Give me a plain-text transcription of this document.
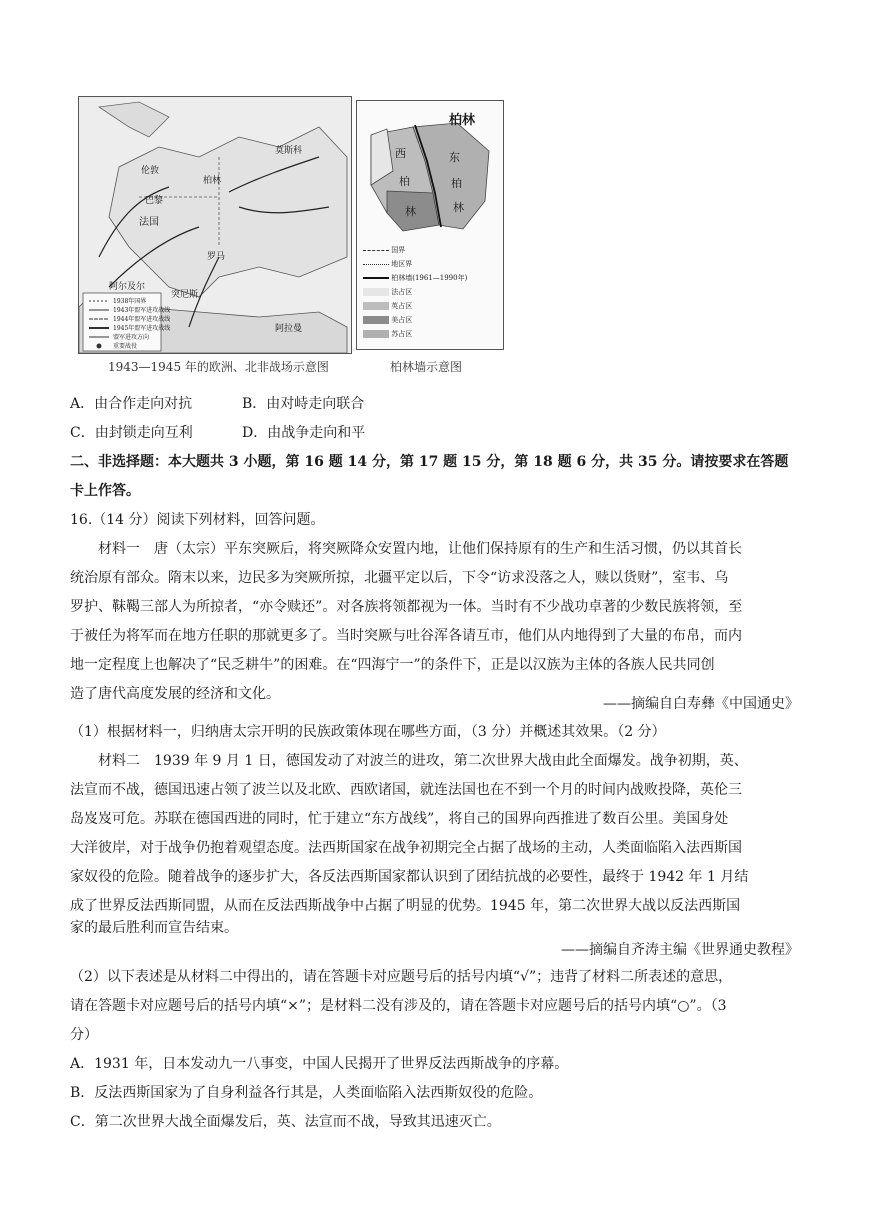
莫斯科
伦敦
柏林
巴黎
法国
罗马
阿尔及尔
突尼斯
阿拉曼
1938年国界
1943年盟军进攻战线
1944年盟军进攻战线
1945年盟军进攻战线
盟军进攻方向
重要战役
柏林
西
柏
林
东
柏
林
国界
地区界
柏林墙(1961—1990年)
法占区
英占区
美占区
苏占区
1943—1945 年的欧洲、北非战场示意图	柏林墙示意图
A．由合作走向对抗	B．由对峙走向联合
C．由封锁走向互利	D．由战争走向和平
二、非选择题：本大题共 3 小题，第 16 题 14 分，第 17 题 15 分，第 18 题 6 分，共 35 分。请按要求在答题
卡上作答。
16.（14 分）阅读下列材料，回答问题。
材料一　唐（太宗）平东突厥后，将突厥降众安置内地，让他们保持原有的生产和生活习惯，仍以其首长
统治原有部众。隋末以来，边民多为突厥所掠，北疆平定以后，下令“访求没落之人，赎以货财”，室韦、乌
罗护、靺鞨三部人为所掠者，“亦令赎还”。对各族将领都视为一体。当时有不少战功卓著的少数民族将领，至
于被任为将军而在地方任职的那就更多了。当时突厥与吐谷浑各请互市，他们从内地得到了大量的布帛，而内
地一定程度上也解决了“民乏耕牛”的困难。在“四海宁一”的条件下，正是以汉族为主体的各族人民共同创
造了唐代高度发展的经济和文化。
——摘编自白寿彝《中国通史》
（1）根据材料一，归纳唐太宗开明的民族政策体现在哪些方面，（3 分）并概述其效果。（2 分）
材料二　1939 年 9 月 1 日，德国发动了对波兰的进攻，第二次世界大战由此全面爆发。战争初期，英、
法宣而不战，德国迅速占领了波兰以及北欧、西欧诸国，就连法国也在不到一个月的时间内战败投降，英伦三
岛岌岌可危。苏联在德国西进的同时，忙于建立“东方战线”，将自己的国界向西推进了数百公里。美国身处
大洋彼岸，对于战争仍抱着观望态度。法西斯国家在战争初期完全占据了战场的主动，人类面临陷入法西斯国
家奴役的危险。随着战争的逐步扩大，各反法西斯国家都认识到了团结抗战的必要性，最终于 1942 年 1 月结
成了世界反法西斯同盟，从而在反法西斯战争中占据了明显的优势。1945 年，第二次世界大战以反法西斯国
家的最后胜利而宣告结束。
——摘编自齐涛主编《世界通史教程》
（2）以下表述是从材料二中得出的，请在答题卡对应题号后的括号内填“√”；违背了材料二所表述的意思，
请在答题卡对应题号后的括号内填“×”；是材料二没有涉及的，请在答题卡对应题号后的括号内填“○”。（3
分）
A．1931 年，日本发动九一八事变，中国人民揭开了世界反法西斯战争的序幕。
B．反法西斯国家为了自身利益各行其是，人类面临陷入法西斯奴役的危险。
C．第二次世界大战全面爆发后，英、法宣而不战，导致其迅速灭亡。
